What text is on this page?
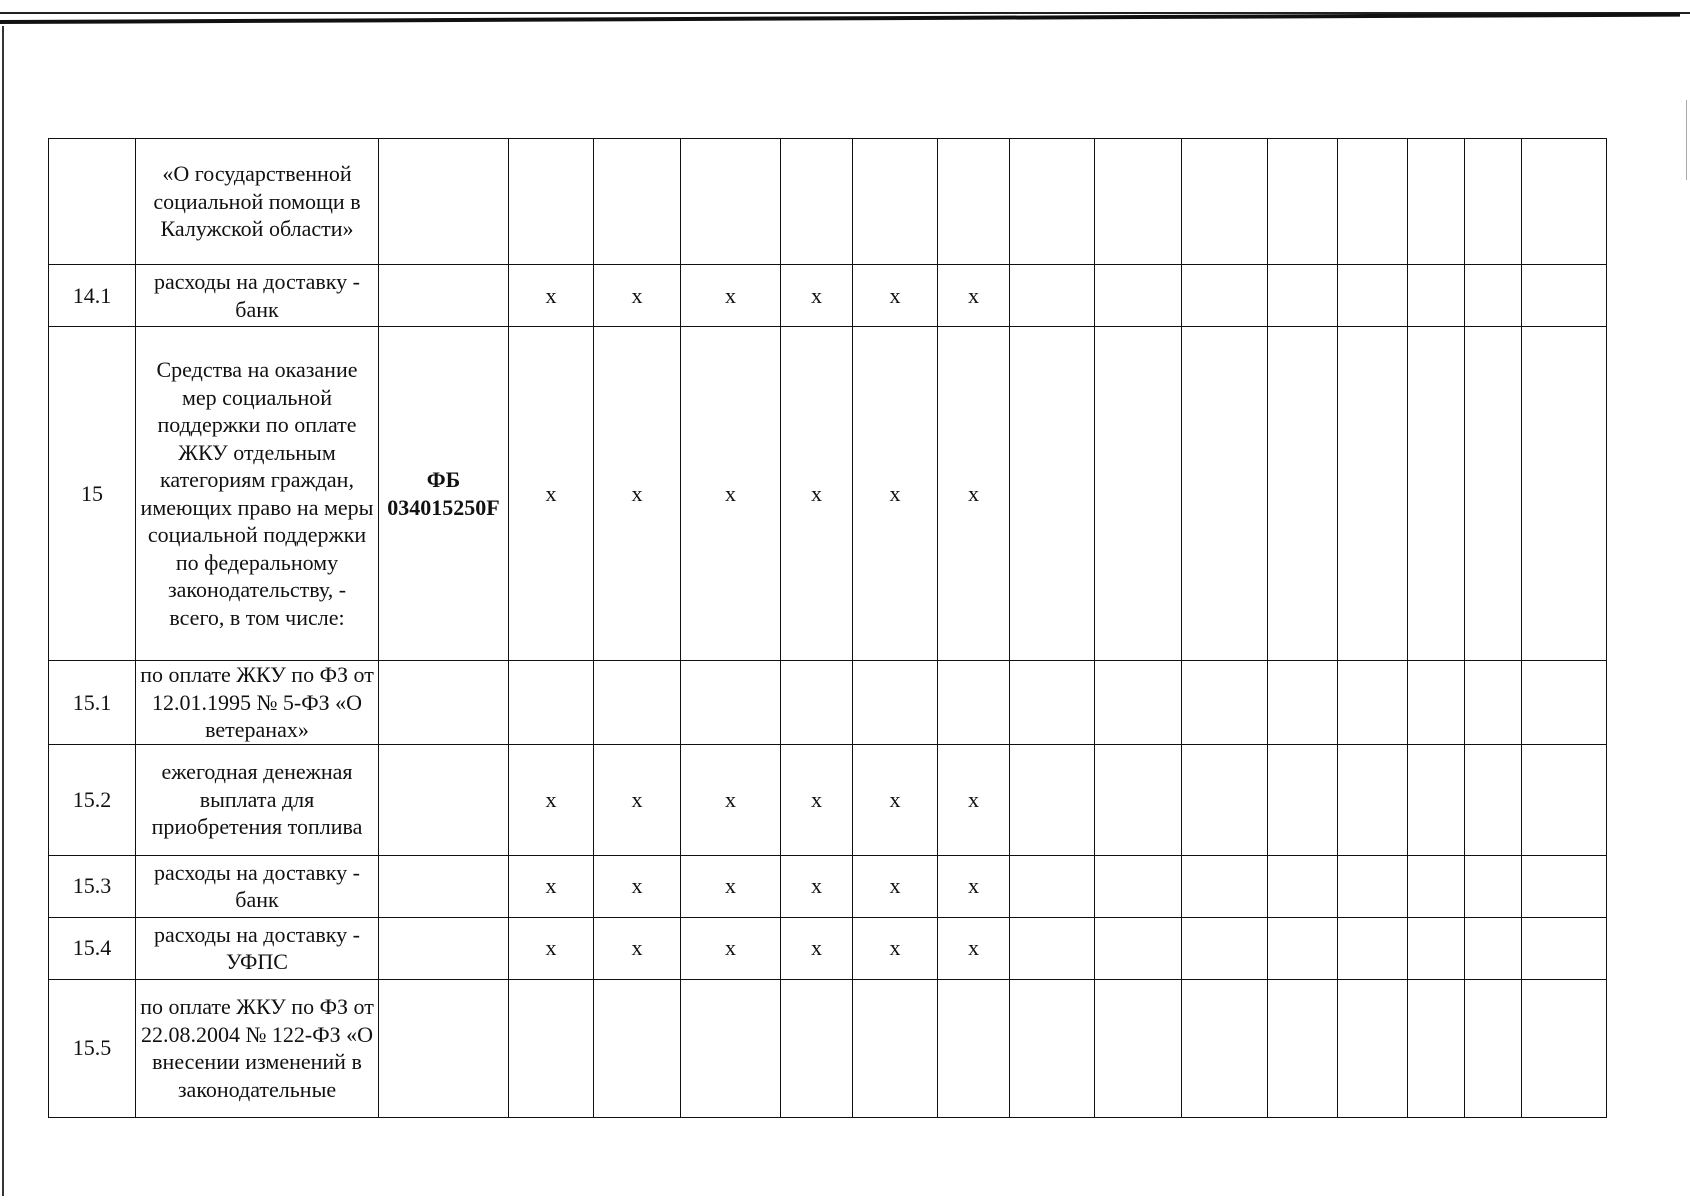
	«О государственной социальной помощи в Калужской области»															
14.1	расходы на доставку - банк		x	x	x	x	x	x								
15	Средства на оказание мер социальной поддержки по оплате ЖКУ отдельным категориям граждан, имеющих право на меры социальной поддержки по федеральному законодательству, - всего, в том числе:	ФБ 034015250F	x	x	x	x	x	x								
15.1	по оплате ЖКУ по ФЗ от 12.01.1995 № 5-ФЗ «О ветеранах»															
15.2	ежегодная денежная выплата для приобретения топлива		x	x	x	x	x	x								
15.3	расходы на доставку - банк		x	x	x	x	x	x								
15.4	расходы на доставку - УФПС		x	x	x	x	x	x								
15.5	по оплате ЖКУ по ФЗ от 22.08.2004 № 122-ФЗ «О внесении изменений в законодательные															
